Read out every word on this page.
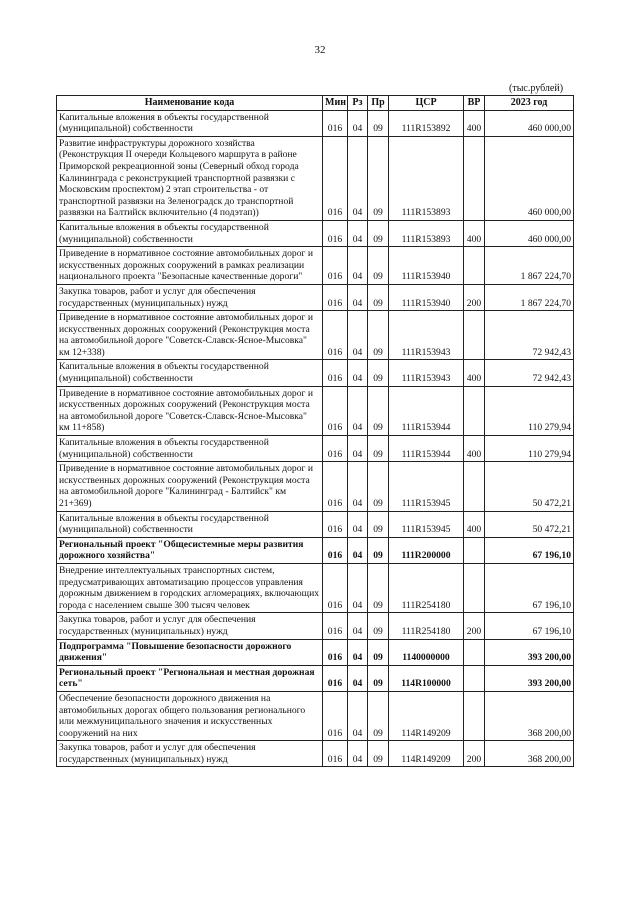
32
(тыс.рублей)
Наименование кода	Мин	Рз	Пр	ЦСР	ВР	2023 год
Капитальные вложения в объекты государственной (муниципальной) собственности	016	04	09	111R153892	400	460 000,00
Развитие инфраструктуры дорожного хозяйства (Реконструкция II очереди Кольцевого маршрута в районе Приморской рекреационной зоны (Северный обход города Калининграда с реконструкцией транспортной развязки с Московским проспектом) 2 этап строительства - от транспортной развязки на Зеленоградск до транспортной развязки на Балтийск включительно (4 подэтап))	016	04	09	111R153893		460 000,00
Капитальные вложения в объекты государственной (муниципальной) собственности	016	04	09	111R153893	400	460 000,00
Приведение в нормативное состояние автомобильных дорог и искусственных дорожных сооружений в рамках реализации национального проекта "Безопасные качественные дороги"	016	04	09	111R153940		1 867 224,70
Закупка товаров, работ и услуг для обеспечения государственных (муниципальных) нужд	016	04	09	111R153940	200	1 867 224,70
Приведение в нормативное состояние автомобильных дорог и искусственных дорожных сооружений (Реконструкция моста на автомобильной дороге "Советск-Славск-Ясное-Мысовка" км 12+338)	016	04	09	111R153943		72 942,43
Капитальные вложения в объекты государственной (муниципальной) собственности	016	04	09	111R153943	400	72 942,43
Приведение в нормативное состояние автомобильных дорог и искусственных дорожных сооружений (Реконструкция моста на автомобильной дороге "Советск-Славск-Ясное-Мысовка" км 11+858)	016	04	09	111R153944		110 279,94
Капитальные вложения в объекты государственной (муниципальной) собственности	016	04	09	111R153944	400	110 279,94
Приведение в нормативное состояние автомобильных дорог и искусственных дорожных сооружений (Реконструкция моста на автомобильной дороге "Калининград - Балтийск" км 21+369)	016	04	09	111R153945		50 472,21
Капитальные вложения в объекты государственной (муниципальной) собственности	016	04	09	111R153945	400	50 472,21
Региональный проект "Общесистемные меры развития дорожного хозяйства"	016	04	09	111R200000		67 196,10
Внедрение интеллектуальных транспортных систем, предусматривающих автоматизацию процессов управления дорожным движением в городских агломерациях, включающих города с населением свыше 300 тысяч человек	016	04	09	111R254180		67 196,10
Закупка товаров, работ и услуг для обеспечения государственных (муниципальных) нужд	016	04	09	111R254180	200	67 196,10
Подпрограмма "Повышение безопасности дорожного движения"	016	04	09	1140000000		393 200,00
Региональный проект "Региональная и местная дорожная сеть"	016	04	09	114R100000		393 200,00
Обеспечение безопасности дорожного движения на автомобильных дорогах общего пользования регионального или межмуниципального значения и искусственных сооружений на них	016	04	09	114R149209		368 200,00
Закупка товаров, работ и услуг для обеспечения государственных (муниципальных) нужд	016	04	09	114R149209	200	368 200,00
